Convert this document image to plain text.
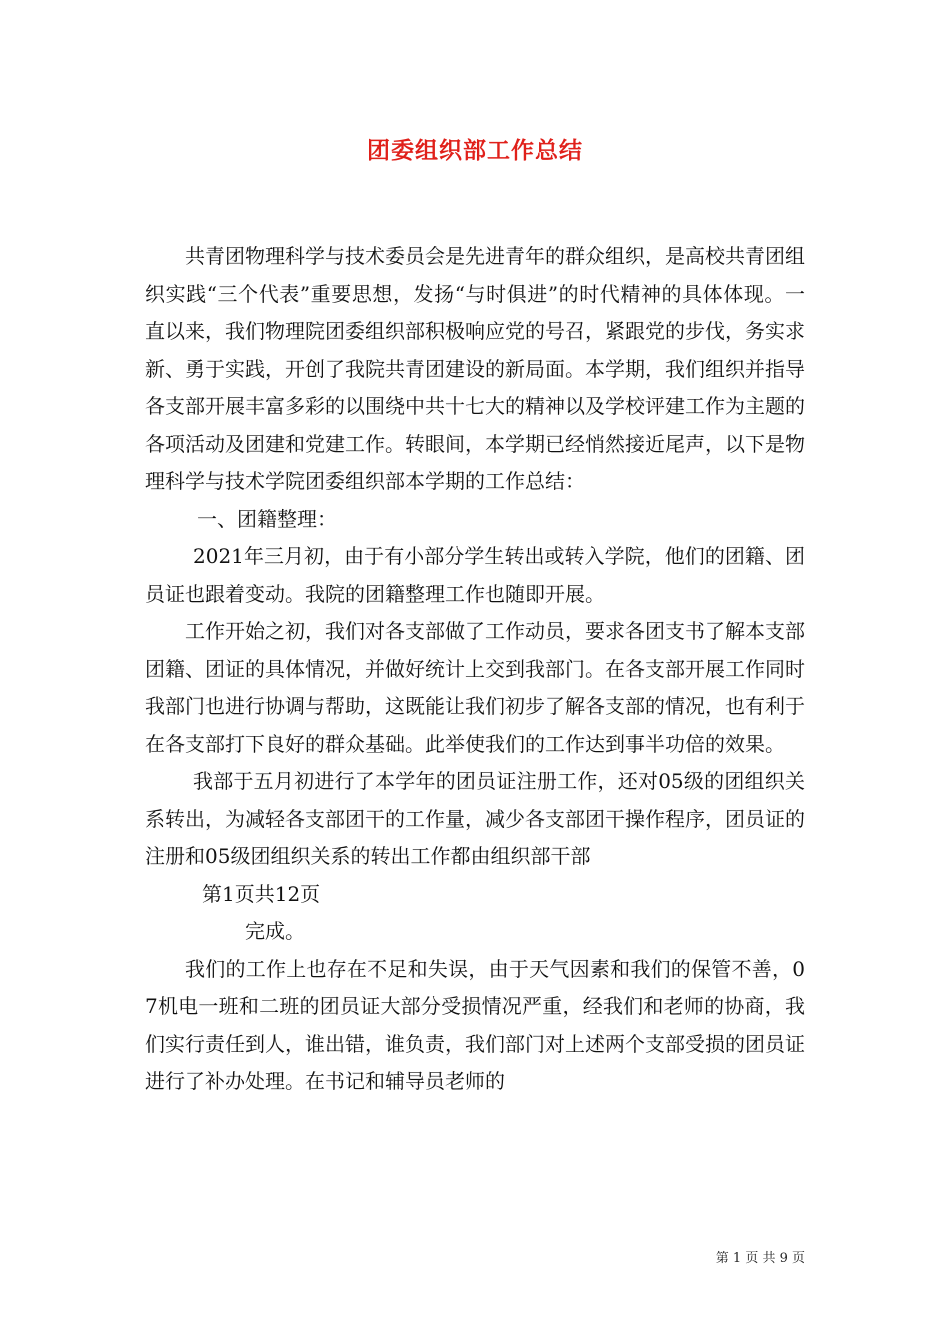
团委组织部工作总结

共青团物理科学与技术委员会是先进青年的群众组织，是高校共青团组织实践“三个代表”重要思想，发扬“与时俱进”的时代精神的具体体现。一直以来，我们物理院团委组织部积极响应党的号召，紧跟党的步伐，务实求新、勇于实践，开创了我院共青团建设的新局面。本学期，我们组织并指导各支部开展丰富多彩的以围绕中共十七大的精神以及学校评建工作为主题的各项活动及团建和党建工作。转眼间，本学期已经悄然接近尾声，以下是物理科学与技术学院团委组织部本学期的工作总结：

一、团籍整理：

2021年三月初，由于有小部分学生转出或转入学院，他们的团籍、团员证也跟着变动。我院的团籍整理工作也随即开展。

工作开始之初，我们对各支部做了工作动员，要求各团支书了解本支部团籍、团证的具体情况，并做好统计上交到我部门。在各支部开展工作同时我部门也进行协调与帮助，这既能让我们初步了解各支部的情况，也有利于在各支部打下良好的群众基础。此举使我们的工作达到事半功倍的效果。

我部于五月初进行了本学年的团员证注册工作，还对05级的团组织关系转出，为减轻各支部团干的工作量，减少各支部团干操作程序，团员证的注册和05级团组织关系的转出工作都由组织部干部

第1页共12页

完成。

我们的工作上也存在不足和失误，由于天气因素和我们的保管不善，07机电一班和二班的团员证大部分受损情况严重，经我们和老师的协商，我们实行责任到人，谁出错，谁负责，我们部门对上述两个支部受损的团员证进行了补办处理。在书记和辅导员老师的

第 1 页 共 9 页
